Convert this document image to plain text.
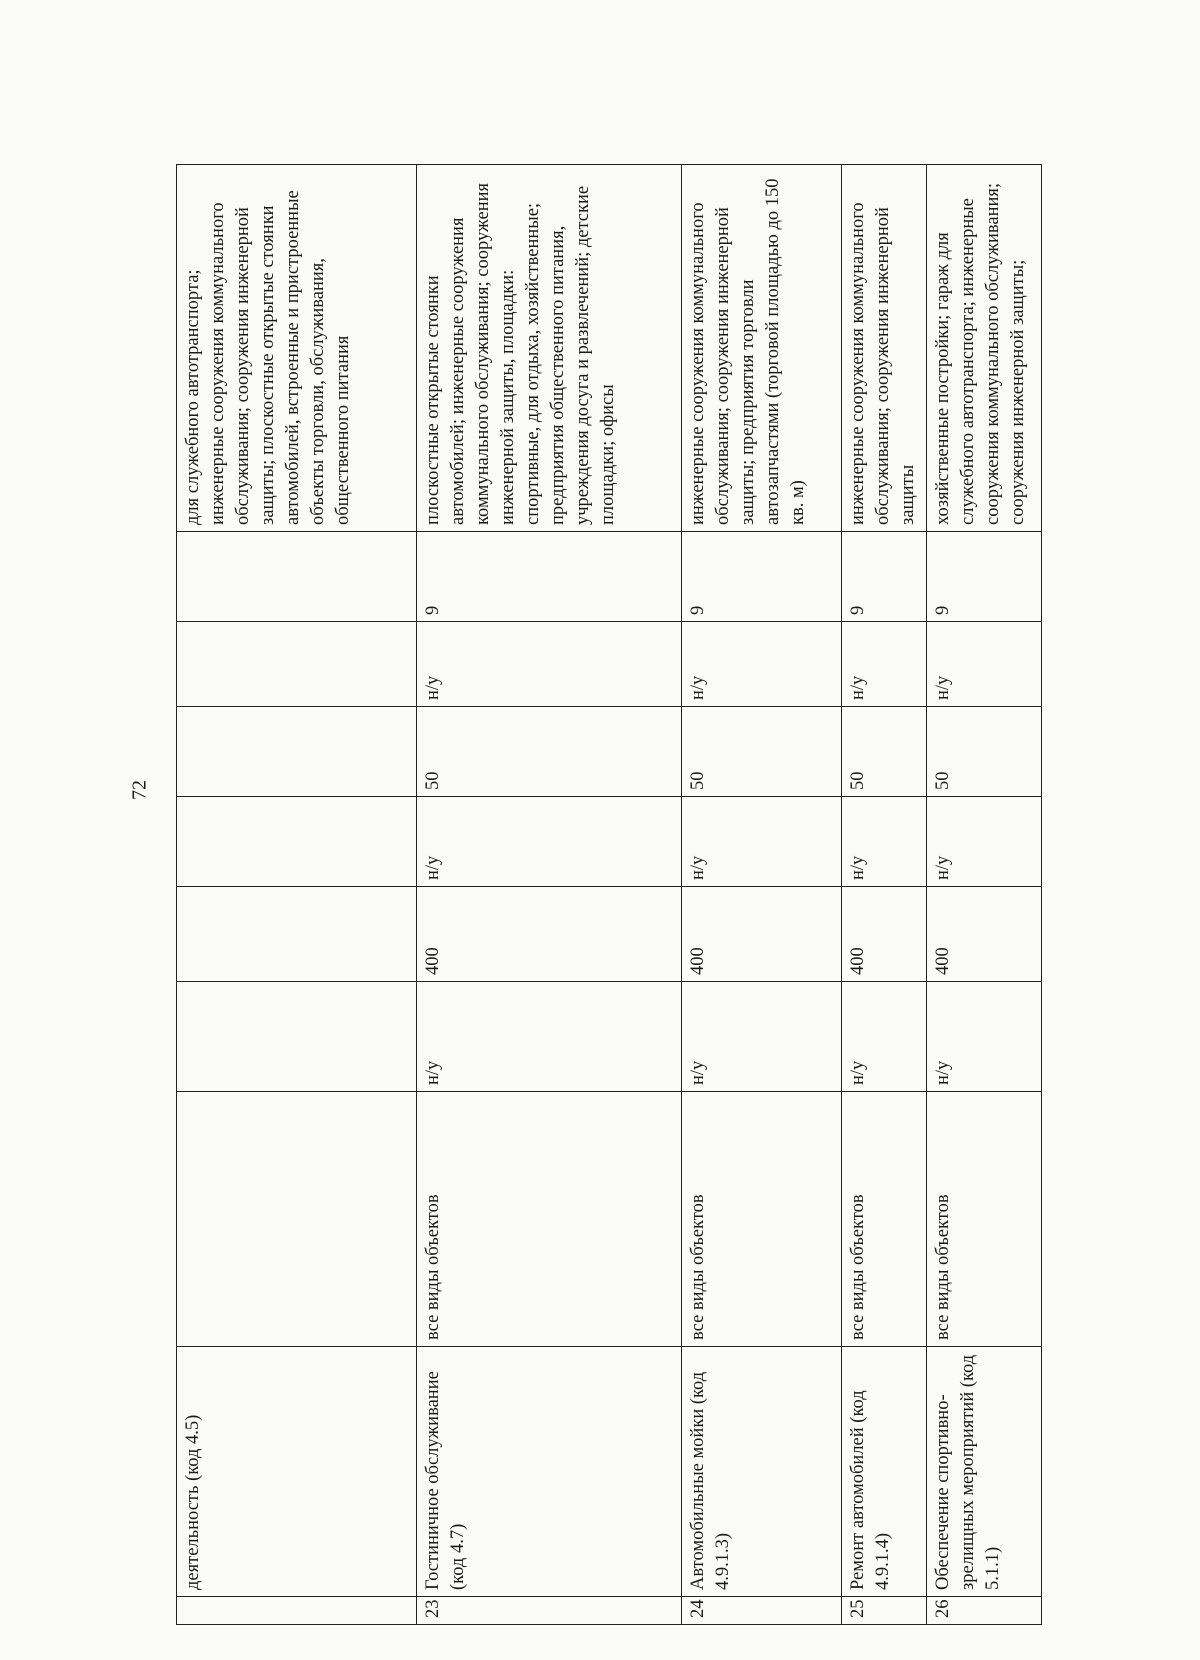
72
	деятельность (код 4.5)								для служебного автотранспорта; инженерные сооружения коммунального обслуживания; сооружения инженерной защиты; плоскостные открытые стоянки автомобилей, встроенные и пристроенные объекты торговли, обслуживания, общественного питания
23	Гостиничное обслуживание (код 4.7)	все виды объектов	н/у	400	н/у	50	н/у	9	плоскостные открытые стоянки автомобилей; инженерные сооружения коммунального обслуживания; сооружения инженерной защиты, площадки: спортивные, для отдыха, хозяйственные; предприятия общественного питания, учреждения досуга и развлечений; детские площадки; офисы
24	Автомобильные мойки (код 4.9.1.3)	все виды объектов	н/у	400	н/у	50	н/у	9	инженерные сооружения коммунального обслуживания; сооружения инженерной защиты; предприятия торговли автозапчастями (торговой площадью до 150 кв. м)
25	Ремонт автомобилей (код 4.9.1.4)	все виды объектов	н/у	400	н/у	50	н/у	9	инженерные сооружения коммунального обслуживания; сооружения инженерной защиты
26	Обеспечение спортивно-зрелищных мероприятий (код 5.1.1)	все виды объектов	н/у	400	н/у	50	н/у	9	хозяйственные постройки; гараж для служебного автотранспорта; инженерные сооружения коммунального обслуживания; сооружения инженерной защиты;
